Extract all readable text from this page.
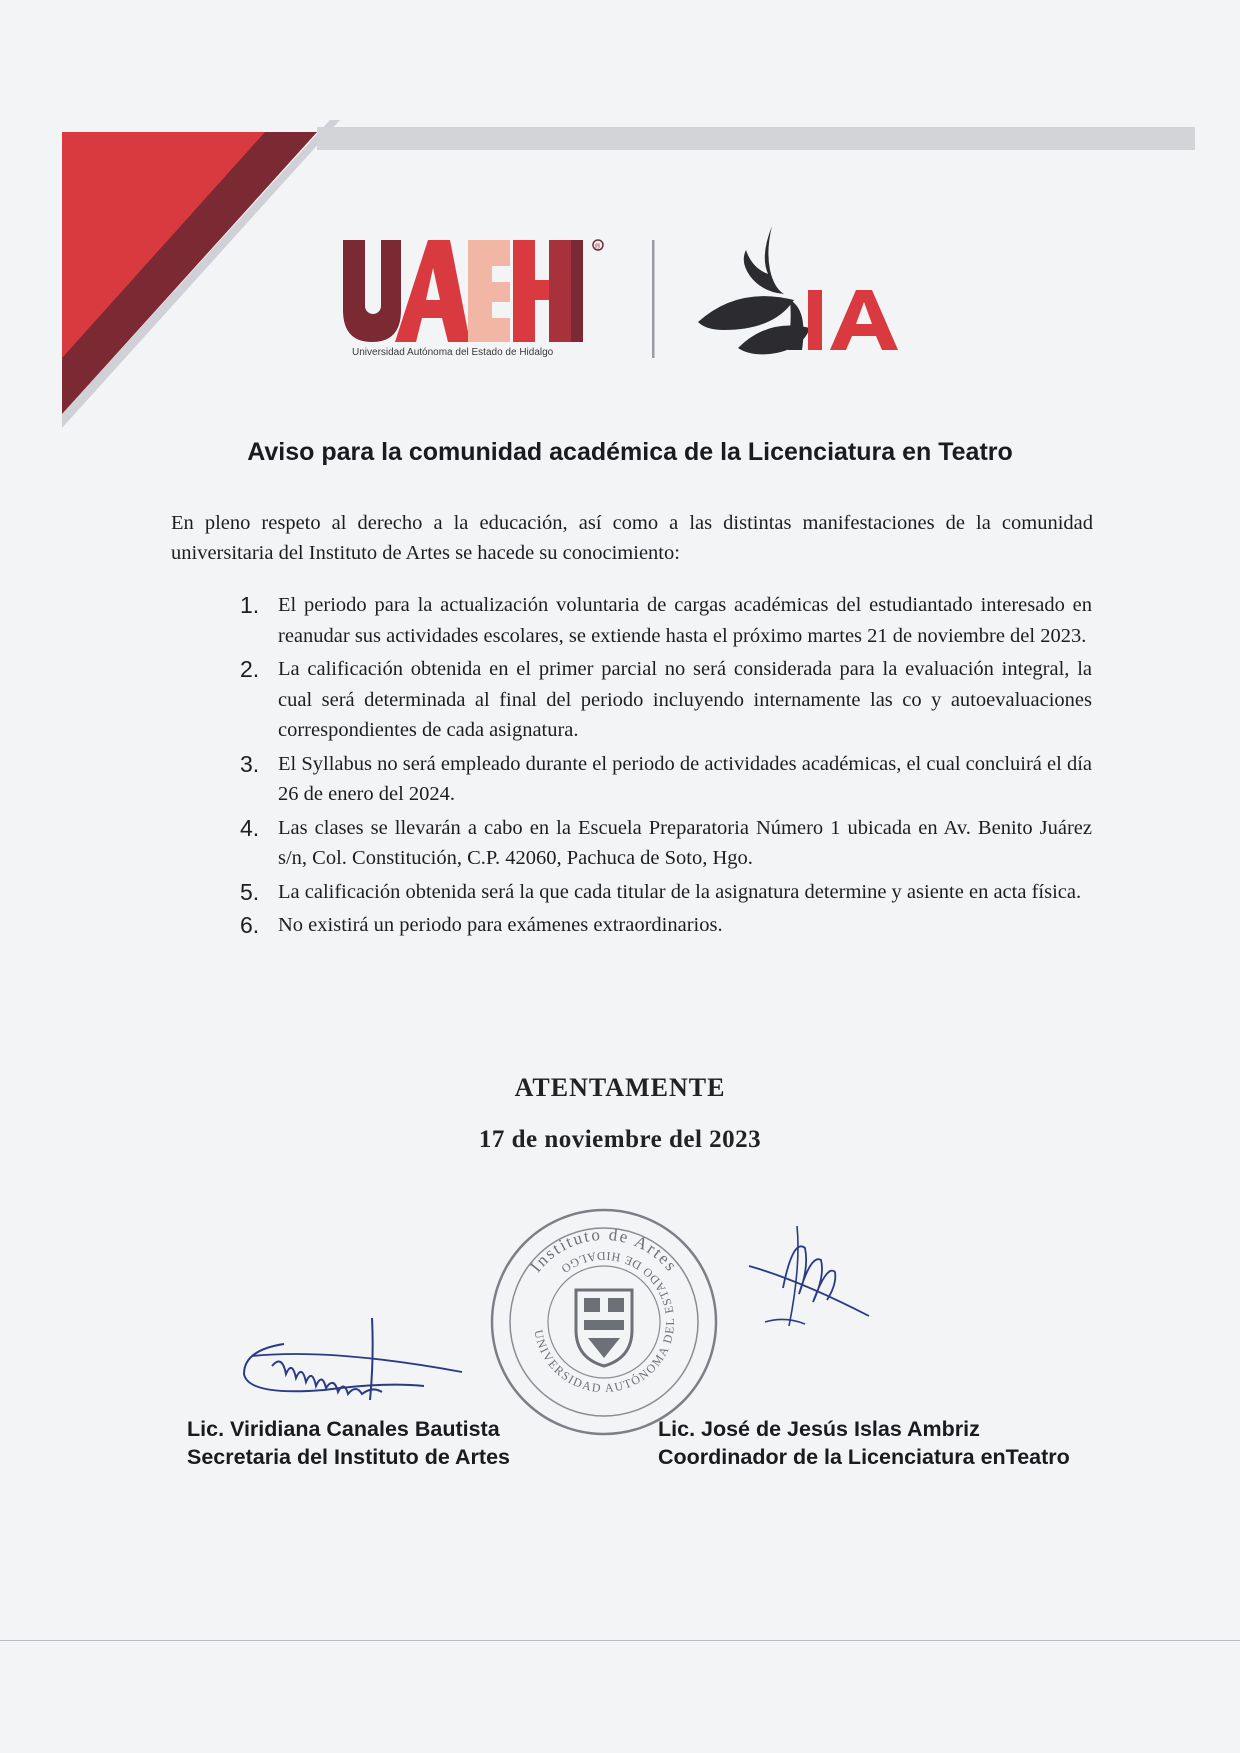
®
Universidad Autónoma del Estado de Hidalgo
Aviso para la comunidad académica de la Licenciatura en Teatro
En pleno respeto al derecho a la educación, así como a las distintas manifestaciones de la comunidad universitaria del Instituto de Artes se hacede su conocimiento:
1. El periodo para la actualización voluntaria de cargas académicas del estudiantado interesado en reanudar sus actividades escolares, se extiende hasta el próximo martes 21 de noviembre del 2023.
2. La calificación obtenida en el primer parcial no será considerada para la evaluación integral, la cual será determinada al final del periodo incluyendo internamente las co y autoevaluaciones correspondientes de cada asignatura.
3. El Syllabus no será empleado durante el periodo de actividades académicas, el cual concluirá el día 26 de enero del 2024.
4. Las clases se llevarán a cabo en la Escuela Preparatoria Número 1 ubicada en Av. Benito Juárez s/n, Col. Constitución, C.P. 42060, Pachuca de Soto, Hgo.
5. La calificación obtenida será la que cada titular de la asignatura determine y asiente en acta física.
6. No existirá un periodo para exámenes extraordinarios.
ATENTAMENTE
17 de noviembre del 2023
Instituto de Artes
UNIVERSIDAD AUTÓNOMA DEL ESTADO DE HIDALGO
Lic. Viridiana Canales Bautista
Secretaria del Instituto de Artes
Lic. José de Jesús Islas Ambriz
Coordinador de la Licenciatura enTeatro
